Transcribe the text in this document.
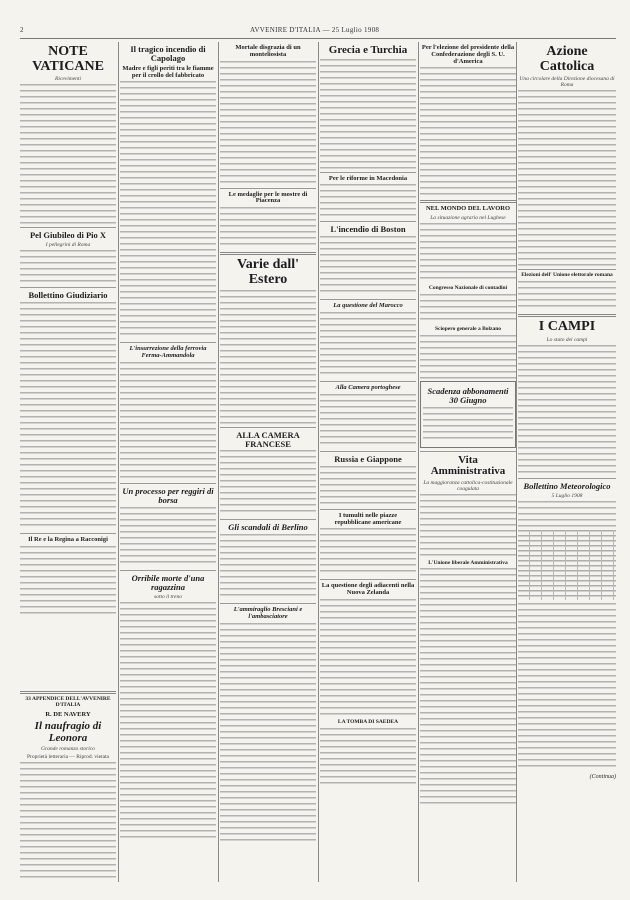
2	AVVENIRE D'ITALIA — 25 Luglio 1908
NOTE VATICANE
Ricevimenti
Pel Giubileo di Pio X
I pellegrini di Roma
Bollettino Giudiziario
Il Re e la Regina a Racconigi
33 APPENDICE DELL'AVVENIRE D'ITALIA
R. DE NAVERY
Il naufragio di Leonora
Grande romanzo storico
Proprietà letteraria — Riprod. vietata
Il tragico incendio di Capolago
Madre e figli periti tra le fiamme per il crollo del fabbricato
L'insurrezione della ferrovia Ferma-Ammandola
Un processo per reggiri di borsa
Orribile morte d'una ragazzina
sotto il treno
Mortale disgrazia di un monteliosista
Le medaglie per le mostre di Piacenza
Varie dall' Estero
ALLA CAMERA FRANCESE
Gli scandali di Berlino
L'ammiraglio Bresciani e l'ambasciatore
Grecia e Turchia
Per le riforme in Macedonia
L'incendio di Boston
La questione del Marocco
Alla Camera portoghese
Russia e Giappone
I tumulti nelle piazze repubblicane americane
La questione degli adiacenti nella Nuova Zelanda
LA TOMBA DI SAEDEA
Per l'elezione del presidente della Confederazione degli S. U. d'America
NEL MONDO DEL LAVORO
La situazione agraria nel Lughese
Congresso Nazionale di contadini
Sciopero generale a Bolzano
Scadenza abbonamenti 30 Giugno
Vita Amministrativa
La maggioranza cattolica-costituzionale coagulata
L'Unione liberale Amministrativa
Azione Cattolica
Una circolare della Direzione diocesana di Roma
Elezioni dell' Unione elettorale romana
I CAMPI
Lo stato dei campi
Bollettino Meteorologico
5 Luglio 1908
(Continua)
